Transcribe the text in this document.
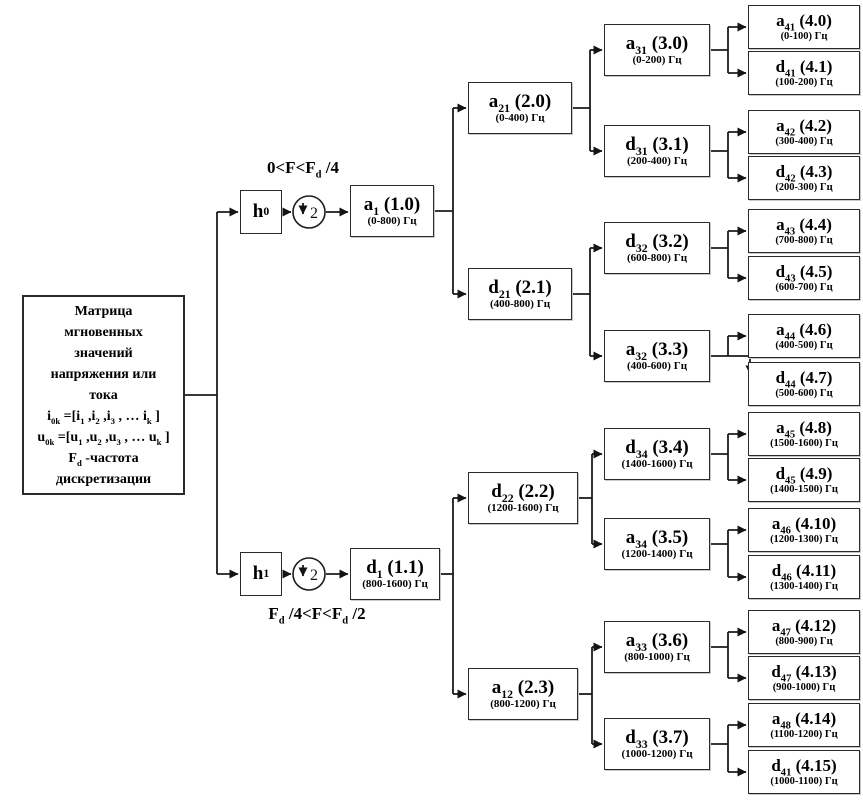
2
2
$a_1$ (1.0)
(0-800) Гц
$d_1$ (1.1)
(800-1600) Гц
$a_{21}$ (2.0)
(0-400) Гц
$d_{21}$ (2.1)
(400-800) Гц
$d_{22}$ (2.2)
(1200-1600) Гц
$a_{12}$ (2.3)
(800-1200) Гц
$a_{31}$ (3.0)
(0-200) Гц
$d_{31}$ (3.1)
(200-400) Гц
$d_{32}$ (3.2)
(600-800) Гц
$a_{32}$ (3.3)
(400-600) Гц
$d_{34}$ (3.4)
(1400-1600) Гц
$a_{34}$ (3.5)
(1200-1400) Гц
$a_{33}$ (3.6)
(800-1000) Гц
$d_{33}$ (3.7)
(1000-1200) Гц
$a_{41}$ (4.0)
(0-100) Гц
$d_{41}$ (4.1)
(100-200) Гц
$a_{42}$ (4.2)
(300-400) Гц
$d_{42}$ (4.3)
(200-300) Гц
$a_{43}$ (4.4)
(700-800) Гц
$d_{43}$ (4.5)
(600-700) Гц
$a_{44}$ (4.6)
(400-500) Гц
$d_{44}$ (4.7)
(500-600) Гц
$a_{45}$ (4.8)
(1500-1600) Гц
$d_{45}$ (4.9)
(1400-1500) Гц
$a_{46}$ (4.10)
(1200-1300) Гц
$d_{46}$ (4.11)
(1300-1400) Гц
$a_{47}$ (4.12)
(800-900) Гц
$d_{47}$ (4.13)
(900-1000) Гц
$a_{48}$ (4.14)
(1100-1200) Гц
$d_{41}$ (4.15)
(1000-1100) Гц
h 0
h 1
Матрица
мгновенных
значений
напряжения или
тока
$i_{0k} =[i_1$ $,i_2$ $,i_3$ , … $i_k$ ]
$u_{0k} =[u_1$ $,u_2$ $,u_3$ , … $u_k$ ]
$F_d$ -частота
дискретизации
$0<F<F_d$ /4
$F_d$ $/4<F<F_d$ /2
